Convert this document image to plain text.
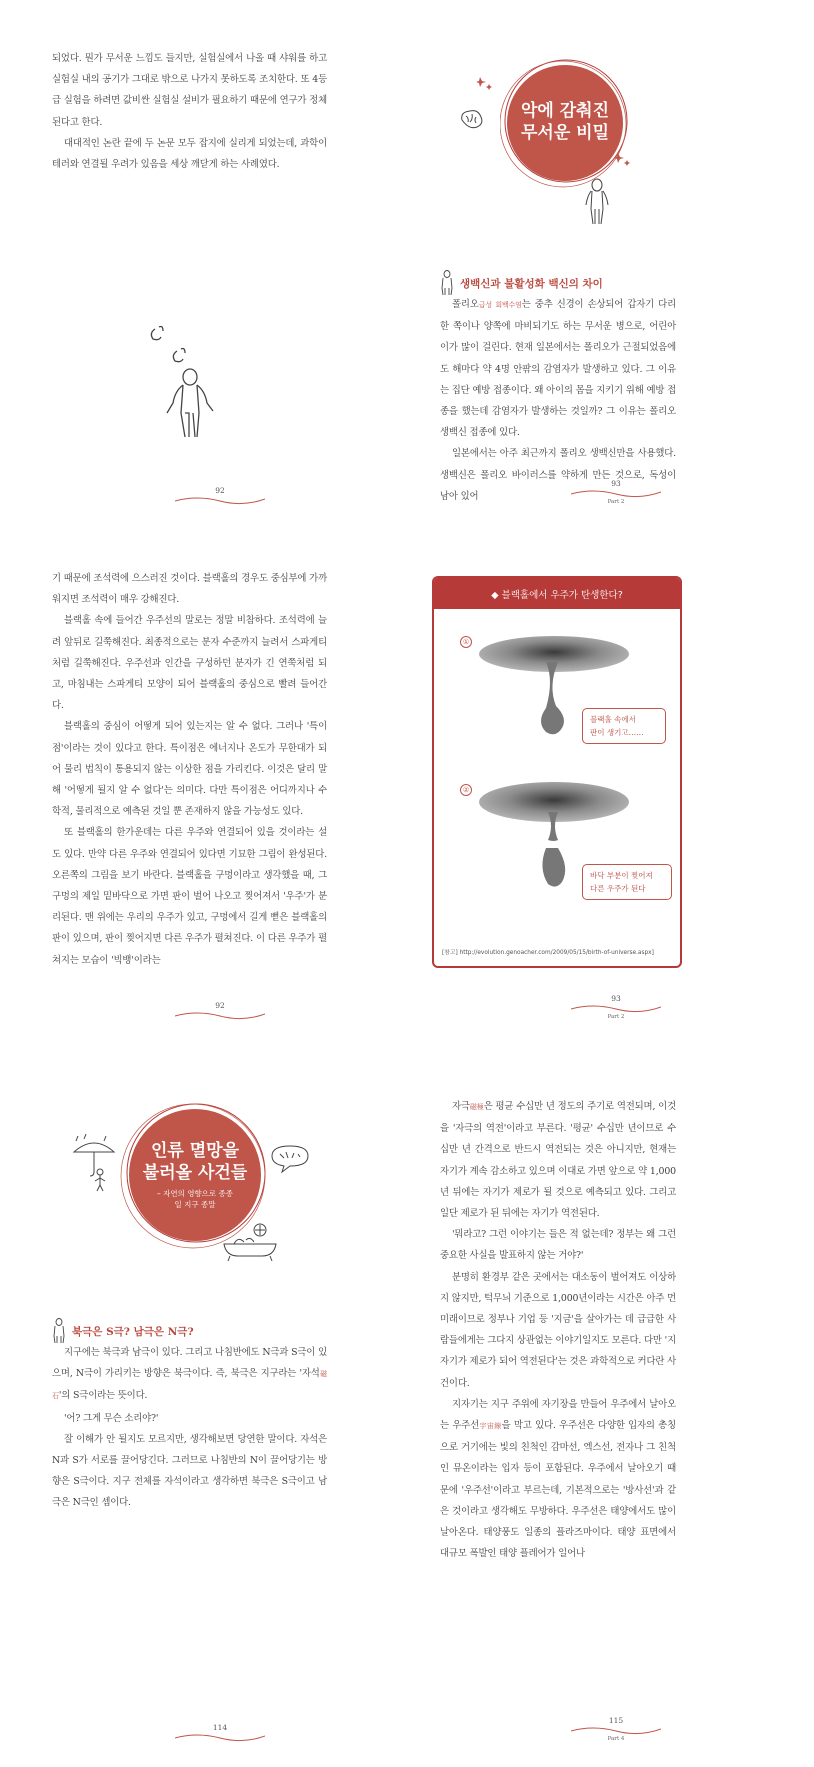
되었다. 뭔가 무서운 느낌도 들지만, 실험실에서 나올 때 샤워를 하고 실험실 내의 공기가 그대로 밖으로 나가지 못하도록 조치한다. 또 4등급 실험을 하려면 값비싼 실험실 설비가 필요하기 때문에 연구가 정체된다고 한다.

대대적인 논란 끝에 두 논문 모두 잡지에 실리게 되었는데, 과학이 테러와 연결될 우려가 있음을 세상 깨닫게 하는 사례였다.

92
악에 감춰진
무서운 비밀
생백신과 불활성화 백신의 차이

폴리오급성 회백수염는 중추 신경이 손상되어 갑자기 다리 한 쪽이나 양쪽에 마비되기도 하는 무서운 병으로, 어린아이가 많이 걸린다. 현재 일본에서는 폴리오가 근절되었음에도 해마다 약 4명 안팎의 감염자가 발생하고 있다. 그 이유는 집단 예방 접종이다. 왜 아이의 몸을 지키기 위해 예방 접종을 했는데 감염자가 발생하는 것일까? 그 이유는 폴리오 생백신 접종에 있다.

일본에서는 아주 최근까지 폴리오 생백신만을 사용했다. 생백신은 폴리오 바이러스를 약하게 만든 것으로, 독성이 남아 있어

93
Part 2

기 때문에 조석력에 으스러진 것이다. 블랙홀의 경우도 중심부에 가까워지면 조석력이 매우 강해진다.

블랙홀 속에 들어간 우주선의 말로는 정말 비참하다. 조석력에 늘려 앞뒤로 길쭉해진다. 최종적으로는 분자 수준까지 늘려서 스파게티처럼 길쭉해진다. 우주선과 인간을 구성하던 분자가 긴 연쭉처럼 되고, 마침내는 스파게티 모양이 되어 블랙홀의 중심으로 빨려 들어간다.

블랙홀의 중심이 어떻게 되어 있는지는 알 수 없다. 그러나 '특이점'이라는 것이 있다고 한다. 특이점은 에너지나 온도가 무한대가 되어 물리 법칙이 통용되지 않는 이상한 점을 가리킨다. 이것은 달리 말해 '어떻게 될지 알 수 없다'는 의미다. 다만 특이점은 어디까지나 수학적, 물리적으로 예측된 것일 뿐 존재하지 않을 가능성도 있다.

또 블랙홀의 한가운데는 다른 우주와 연결되어 있을 것이라는 설도 있다. 만약 다른 우주와 연결되어 있다면 기묘한 그림이 완성된다. 오른쪽의 그림을 보기 바란다. 블랙홀을 구멍이라고 생각했을 때, 그 구멍의 제일 밑바닥으로 가면 판이 벌어 나오고 찢어져서 '우주'가 분리된다. 맨 위에는 우리의 우주가 있고, 구멍에서 길게 뻗은 블랙홀의 판이 있으며, 판이 찢어지면 다른 우주가 펼쳐진다. 이 다른 우주가 펼쳐지는 모습이 '빅뱅'이라는

92
◆ 블랙홀에서 우주가 탄생한다?
①
블랙홀 속에서
판이 생기고……
②
바닥 부분이 찢어져
다른 우주가 된다
[참고] http://evolution.genoacher.com/2009/05/15/birth-of-universe.aspx]
93
Part 2
인류 멸망을
불러올 사건들
– 자연의 영향으로 종종
일 지구 종말
북극은 S극? 남극은 N극?

지구에는 북극과 남극이 있다. 그리고 나침반에도 N극과 S극이 있으며, N극이 가리키는 방향은 북극이다. 즉, 북극은 지구라는 '자석磁石'의 S극이라는 뜻이다.

'어? 그게 무슨 소리야?'

잘 이해가 안 될지도 모르지만, 생각해보면 당연한 말이다. 자석은 N과 S가 서로를 끌어당긴다. 그러므로 나침반의 N이 끌어당기는 방향은 S극이다. 지구 전체를 자석이라고 생각하면 북극은 S극이고 남극은 N극인 셈이다.

114

자극磁極은 평균 수십만 년 정도의 주기로 역전되며, 이것을 '자극의 역전'이라고 부른다. '평균' 수십만 년이므로 수십만 년 간격으로 반드시 역전되는 것은 아니지만, 현재는 자기가 계속 감소하고 있으며 이대로 가면 앞으로 약 1,000년 뒤에는 자기가 제로가 될 것으로 예측되고 있다. 그리고 일단 제로가 된 뒤에는 자기가 역전된다.

'뭐라고? 그런 이야기는 들은 적 없는데? 정부는 왜 그런 중요한 사실을 발표하지 않는 거야?'

분명히 환경부 같은 곳에서는 대소동이 벌어져도 이상하지 않지만, 턱무늬 기준으로 1,000년이라는 시간은 아주 먼 미래이므로 정부나 기업 등 '지금'을 살아가는 데 급급한 사람들에게는 그다지 상관없는 이야기일지도 모른다. 다만 '지자기가 제로가 되어 역전된다'는 것은 과학적으로 커다란 사건이다.

지자기는 지구 주위에 자기장을 만들어 우주에서 날아오는 우주선宇宙線을 막고 있다. 우주선은 다양한 입자의 총칭으로 거기에는 빛의 친척인 감마선, 엑스선, 전자나 그 친척인 뮤온이라는 입자 등이 포함된다. 우주에서 날아오기 때문에 '우주선'이라고 부르는데, 기본적으로는 '방사선'과 같은 것이라고 생각해도 무방하다. 우주선은 태양에서도 많이 날아온다. 태양풍도 일종의 플라즈마이다. 태양 표면에서 대규모 폭발인 태양 플레어가 일어나

115
Part 4
